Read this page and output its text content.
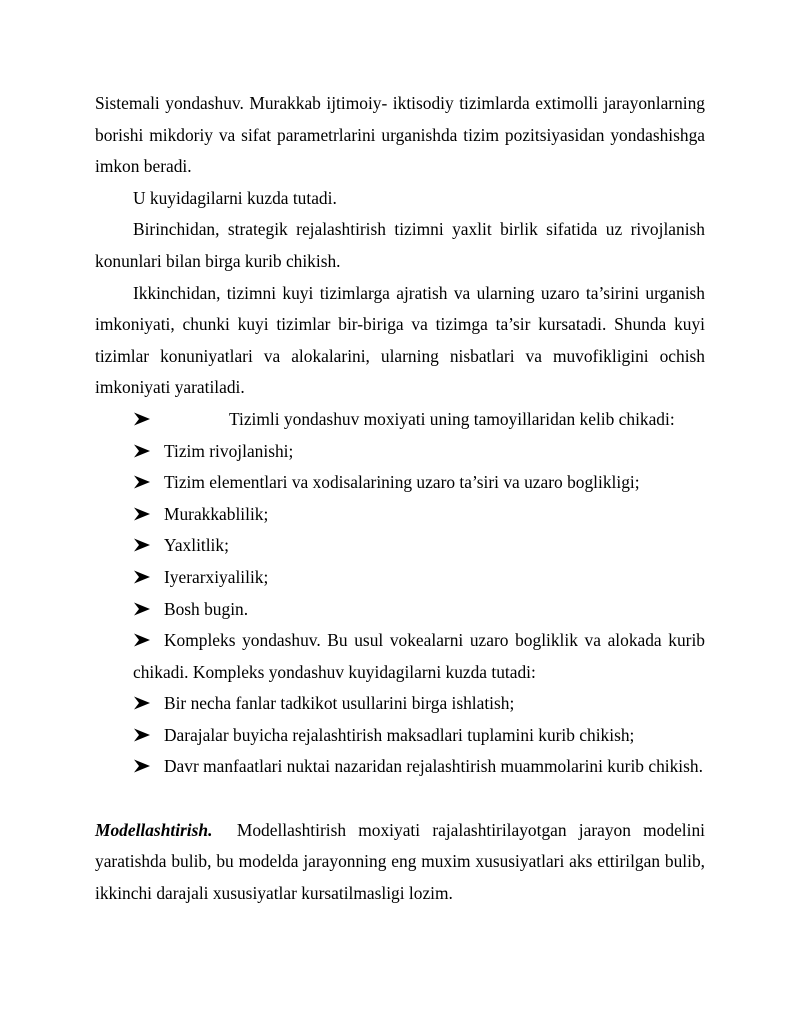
Sistemali yondashuv. Murakkab ijtimoiy- iktisodiy tizimlarda extimolli jarayonlarning borishi mikdoriy va sifat parametrlarini urganishda tizim pozitsiyasidan yondashishga imkon beradi.

U kuyidagilarni kuzda tutadi.

Birinchidan, strategik rejalashtirish tizimni yaxlit birlik sifatida uz rivojlanish konunlari bilan birga kurib chikish.

Ikkinchidan, tizimni kuyi tizimlarga ajratish va ularning uzaro ta’sirini urganish imkoniyati, chunki kuyi tizimlar bir-biriga va tizimga ta’sir kursatadi. Shunda kuyi tizimlar konuniyatlari va alokalarini, ularning nisbatlari va muvofikligini ochish imkoniyati yaratiladi.

Tizimli yondashuv moxiyati uning tamoyillaridan kelib chikadi:
Tizim rivojlanishi;
Tizim elementlari va xodisalarining uzaro ta’siri va uzaro boglikligi;
Murakkablilik;
Yaxlitlik;
Iyerarxiyalilik;
Bosh bugin.
Kompleks yondashuv. Bu usul vokealarni uzaro bogliklik va alokada kurib chikadi. Kompleks yondashuv kuyidagilarni kuzda tutadi:
Bir necha fanlar tadkikot usullarini birga ishlatish;
Darajalar buyicha rejalashtirish maksadlari tuplamini kurib chikish;
Davr manfaatlari nuktai nazaridan rejalashtirish muammolarini kurib chikish.

Modellashtirish. Modellashtirish moxiyati rajalashtirilayotgan jarayon modelini yaratishda bulib, bu modelda jarayonning eng muxim xususiyatlari aks ettirilgan bulib, ikkinchi darajali xususiyatlar kursatilmasligi lozim.
